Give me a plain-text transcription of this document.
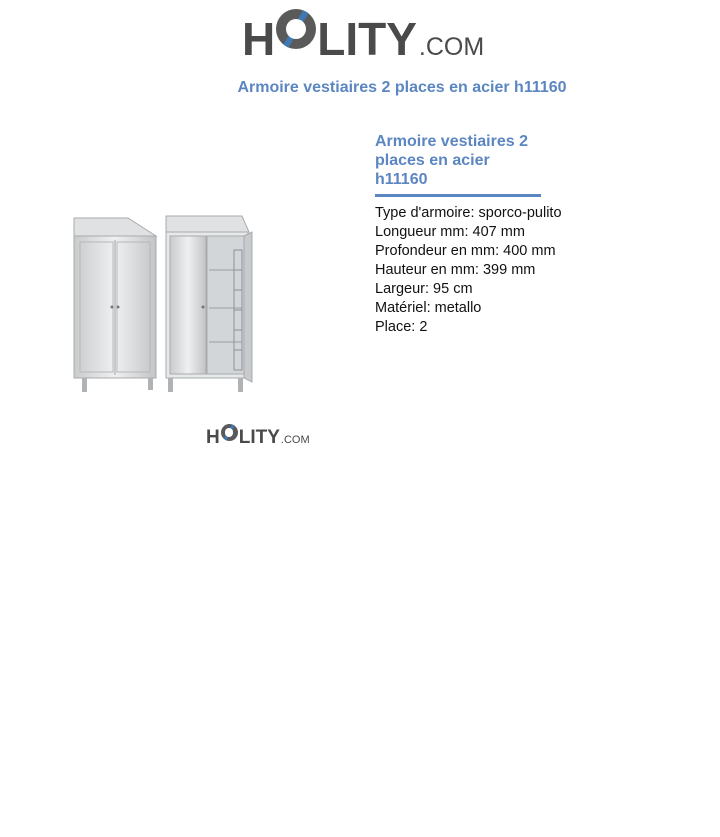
H LITY .COM
Armoire vestiaires 2 places en acier h11160
H LITY .COM
Armoire vestiaires 2
places en acier
h11160
Type d'armoire: sporco-pulito
Longueur mm: 407 mm
Profondeur en mm: 400 mm
Hauteur en mm: 399 mm
Largeur: 95 cm
Matériel: metallo
Place: 2
